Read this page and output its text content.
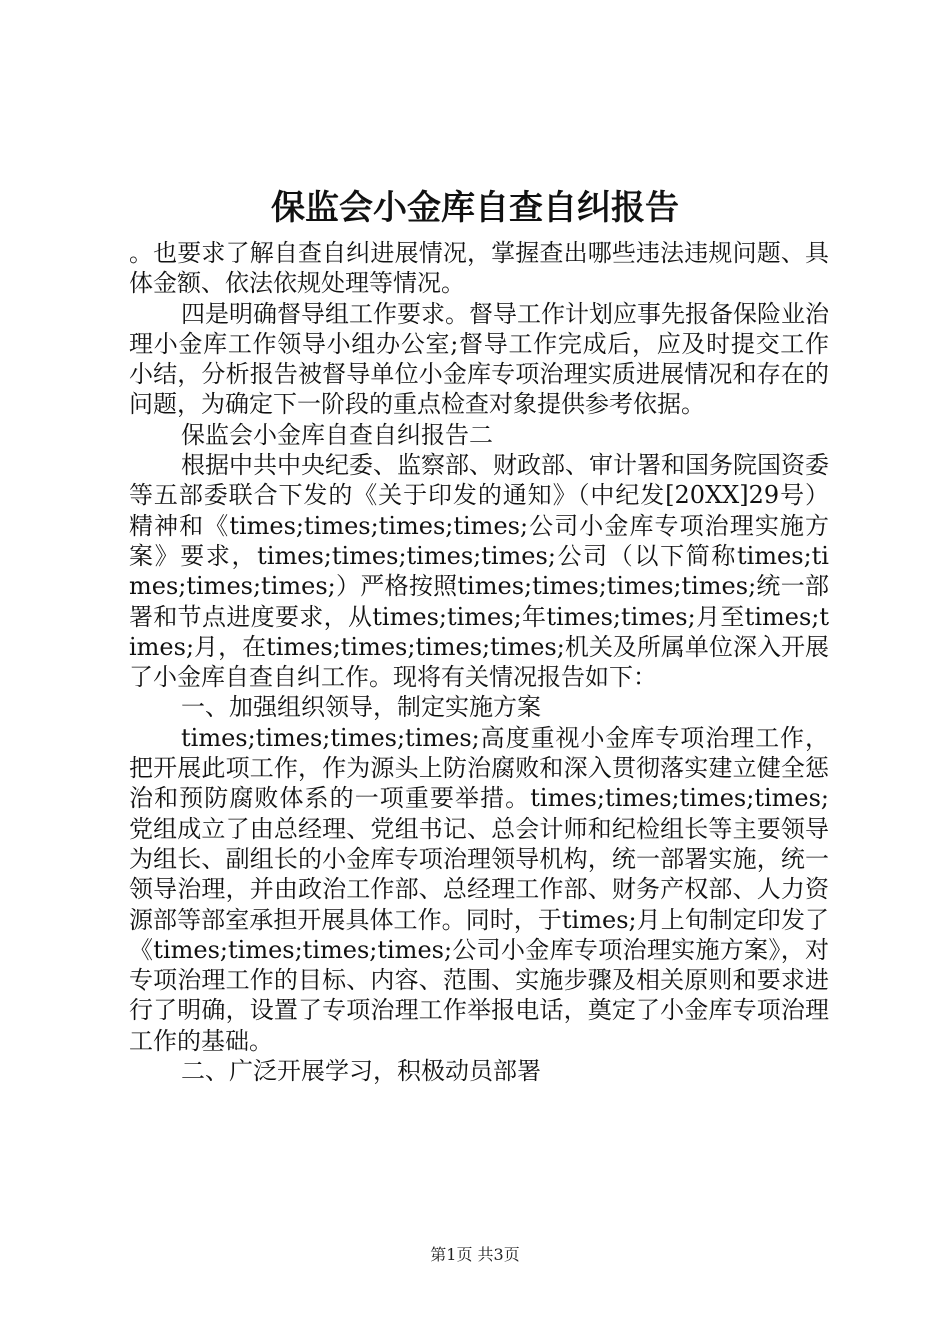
保监会小金库自查自纠报告

。也要求了解自查自纠进展情况，掌握查出哪些违法违规问题、具体金额、依法依规处理等情况。

四是明确督导组工作要求。督导工作计划应事先报备保险业治理小金库工作领导小组办公室;督导工作完成后，应及时提交工作小结，分析报告被督导单位小金库专项治理实质进展情况和存在的问题，为确定下一阶段的重点检查对象提供参考依据。

保监会小金库自查自纠报告二

根据中共中央纪委、监察部、财政部、审计署和国务院国资委等五部委联合下发的《关于印发的通知》（中纪发[20XX]29号）精神和《times;times;times;times;公司小金库专项治理实施方案》要求，times;times;times;times;公司（以下简称times;times;times;times;）严格按照times;times;times;times;统一部署和节点进度要求，从times;times;年times;times;月至times;times;月，在times;times;times;times;机关及所属单位深入开展了小金库自查自纠工作。现将有关情况报告如下：

一、加强组织领导，制定实施方案

times;times;times;times;高度重视小金库专项治理工作，把开展此项工作，作为源头上防治腐败和深入贯彻落实建立健全惩治和预防腐败体系的一项重要举措。times;times;times;times;党组成立了由总经理、党组书记、总会计师和纪检组长等主要领导为组长、副组长的小金库专项治理领导机构，统一部署实施，统一领导治理，并由政治工作部、总经理工作部、财务产权部、人力资源部等部室承担开展具体工作。同时，于times;月上旬制定印发了《times;times;times;times;公司小金库专项治理实施方案》，对专项治理工作的目标、内容、范围、实施步骤及相关原则和要求进行了明确，设置了专项治理工作举报电话，奠定了小金库专项治理工作的基础。

二、广泛开展学习，积极动员部署

第1页 共3页
